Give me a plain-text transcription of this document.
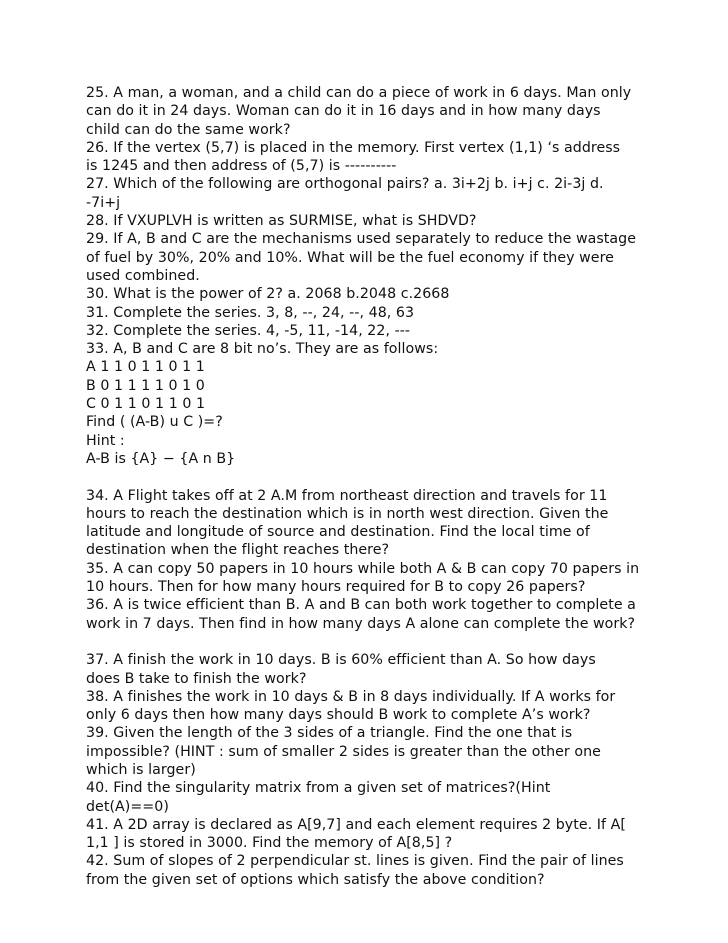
25. A man, a woman, and a child can do a piece of work in 6 days. Man only
can do it in 24 days. Woman can do it in 16 days and in how many days
child can do the same work?
26. If the vertex (5,7) is placed in the memory. First vertex (1,1) ‘s address
is 1245 and then address of (5,7) is ----------
27. Which of the following are orthogonal pairs? a. 3i+2j b. i+j c. 2i-3j d.
-7i+j
28. If VXUPLVH is written as SURMISE, what is SHDVD?
29. If A, B and C are the mechanisms used separately to reduce the wastage
of fuel by 30%, 20% and 10%. What will be the fuel economy if they were
used combined.
30. What is the power of 2? a. 2068 b.2048 c.2668
31. Complete the series. 3, 8, --, 24, --, 48, 63
32. Complete the series. 4, -5, 11, -14, 22, ---
33. A, B and C are 8 bit no’s. They are as follows:
A 1 1 0 1 1 0 1 1
B 0 1 1 1 1 0 1 0
C 0 1 1 0 1 1 0 1
Find ( (A-B) u C )=?
Hint :
A-B is {A} − {A n B}
34. A Flight takes off at 2 A.M from northeast direction and travels for 11
hours to reach the destination which is in north west direction. Given the
latitude and longitude of source and destination. Find the local time of
destination when the flight reaches there?
35. A can copy 50 papers in 10 hours while both A & B can copy 70 papers in
10 hours. Then for how many hours required for B to copy 26 papers?
36. A is twice efficient than B. A and B can both work together to complete a
work in 7 days. Then find in how many days A alone can complete the work?
37. A finish the work in 10 days. B is 60% efficient than A. So how days
does B take to finish the work?
38. A finishes the work in 10 days & B in 8 days individually. If A works for
only 6 days then how many days should B work to complete A’s work?
39. Given the length of the 3 sides of a triangle. Find the one that is
impossible? (HINT : sum of smaller 2 sides is greater than the other one
which is larger)
40. Find the singularity matrix from a given set of matrices?(Hint
det(A)==0)
41. A 2D array is declared as A[9,7] and each element requires 2 byte. If A[
1,1 ] is stored in 3000. Find the memory of A[8,5] ?
42. Sum of slopes of 2 perpendicular st. lines is given. Find the pair of lines
from the given set of options which satisfy the above condition?
